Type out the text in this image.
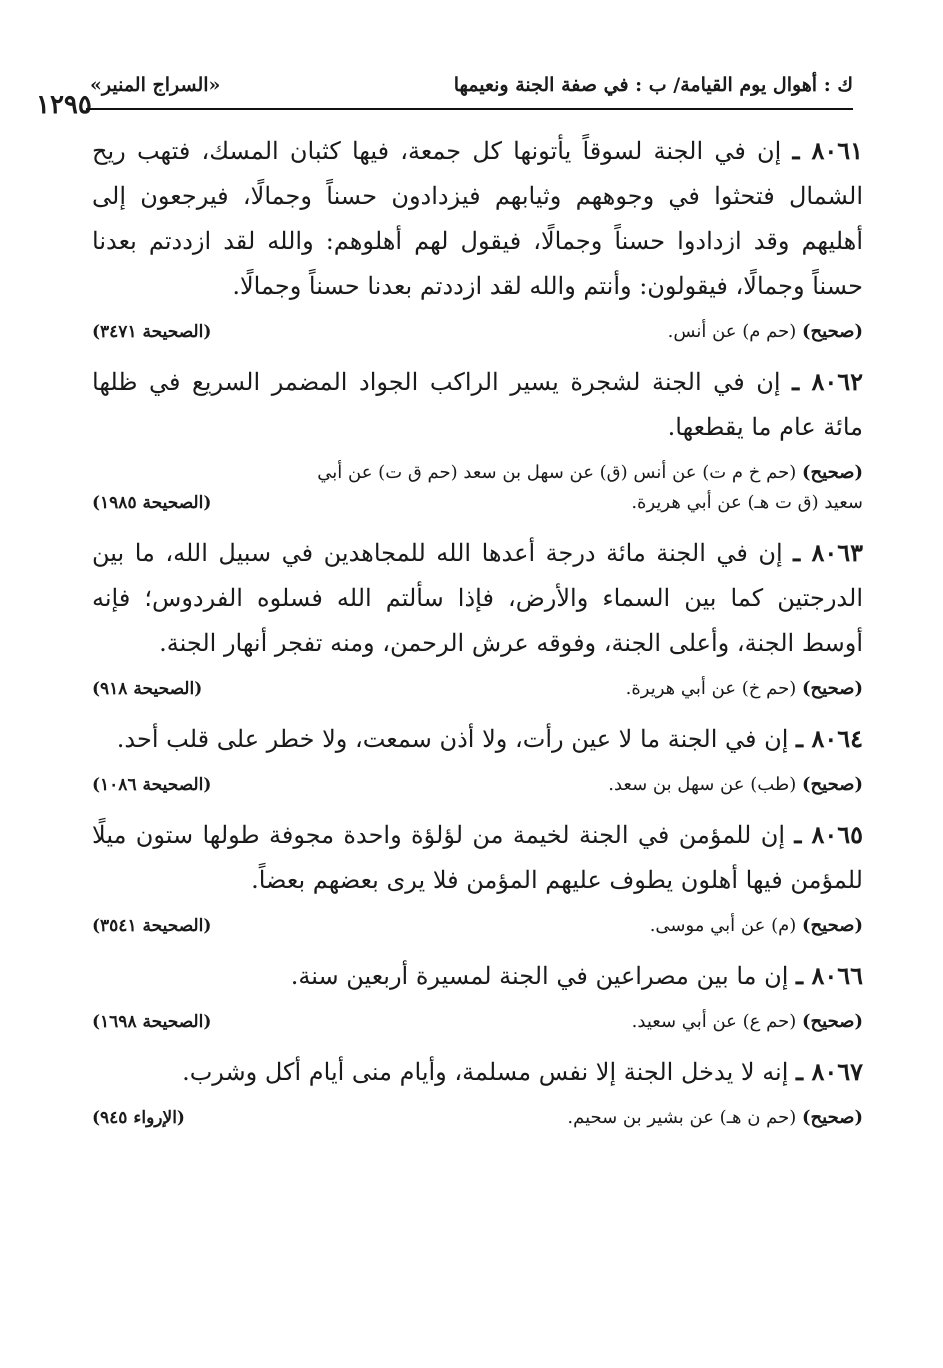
١٢٩٥
ك : أهوال يوم القيامة/ ب : في صفة الجنة ونعيمها
«السراج المنير»

٨٠٦١ ـ إن في الجنة لسوقاً يأتونها كل جمعة، فيها كثبان المسك، فتهب ريح الشمال فتحثوا في وجوههم وثيابهم فيزدادون حسناً وجمالًا، فيرجعون إلى أهليهم وقد ازدادوا حسناً وجمالًا، فيقول لهم أهلوهم: والله لقد ازددتم بعدنا حسناً وجمالًا، فيقولون: وأنتم والله لقد ازددتم بعدنا حسناً وجمالًا.

(صحيح) (حم م) عن أنس.
(الصحيحة ٣٤٧١)

٨٠٦٢ ـ إن في الجنة لشجرة يسير الراكب الجواد المضمر السريع في ظلها مائة عام ما يقطعها.

(صحيح) (حم خ م ت) عن أنس (ق) عن سهل بن سعد (حم ق ت) عن أبي سعيد (ق ت هـ) عن أبي هريرة.
(الصحيحة ١٩٨٥)

٨٠٦٣ ـ إن في الجنة مائة درجة أعدها الله للمجاهدين في سبيل الله، ما بين الدرجتين كما بين السماء والأرض، فإذا سألتم الله فسلوه الفردوس؛ فإنه أوسط الجنة، وأعلى الجنة، وفوقه عرش الرحمن، ومنه تفجر أنهار الجنة.

(صحيح) (حم خ) عن أبي هريرة.
(الصحيحة ٩١٨)

٨٠٦٤ ـ إن في الجنة ما لا عين رأت، ولا أذن سمعت، ولا خطر على قلب أحد.

(صحيح) (طب) عن سهل بن سعد.
(الصحيحة ١٠٨٦)

٨٠٦٥ ـ إن للمؤمن في الجنة لخيمة من لؤلؤة واحدة مجوفة طولها ستون ميلًا للمؤمن فيها أهلون يطوف عليهم المؤمن فلا يرى بعضهم بعضاً.

(صحيح) (م) عن أبي موسى.
(الصحيحة ٣٥٤١)

٨٠٦٦ ـ إن ما بين مصراعين في الجنة لمسيرة أربعين سنة.

(صحيح) (حم ع) عن أبي سعيد.
(الصحيحة ١٦٩٨)

٨٠٦٧ ـ إنه لا يدخل الجنة إلا نفس مسلمة، وأيام منى أيام أكل وشرب.

(صحيح) (حم ن هـ) عن بشير بن سحيم.
(الإرواء ٩٤٥)
